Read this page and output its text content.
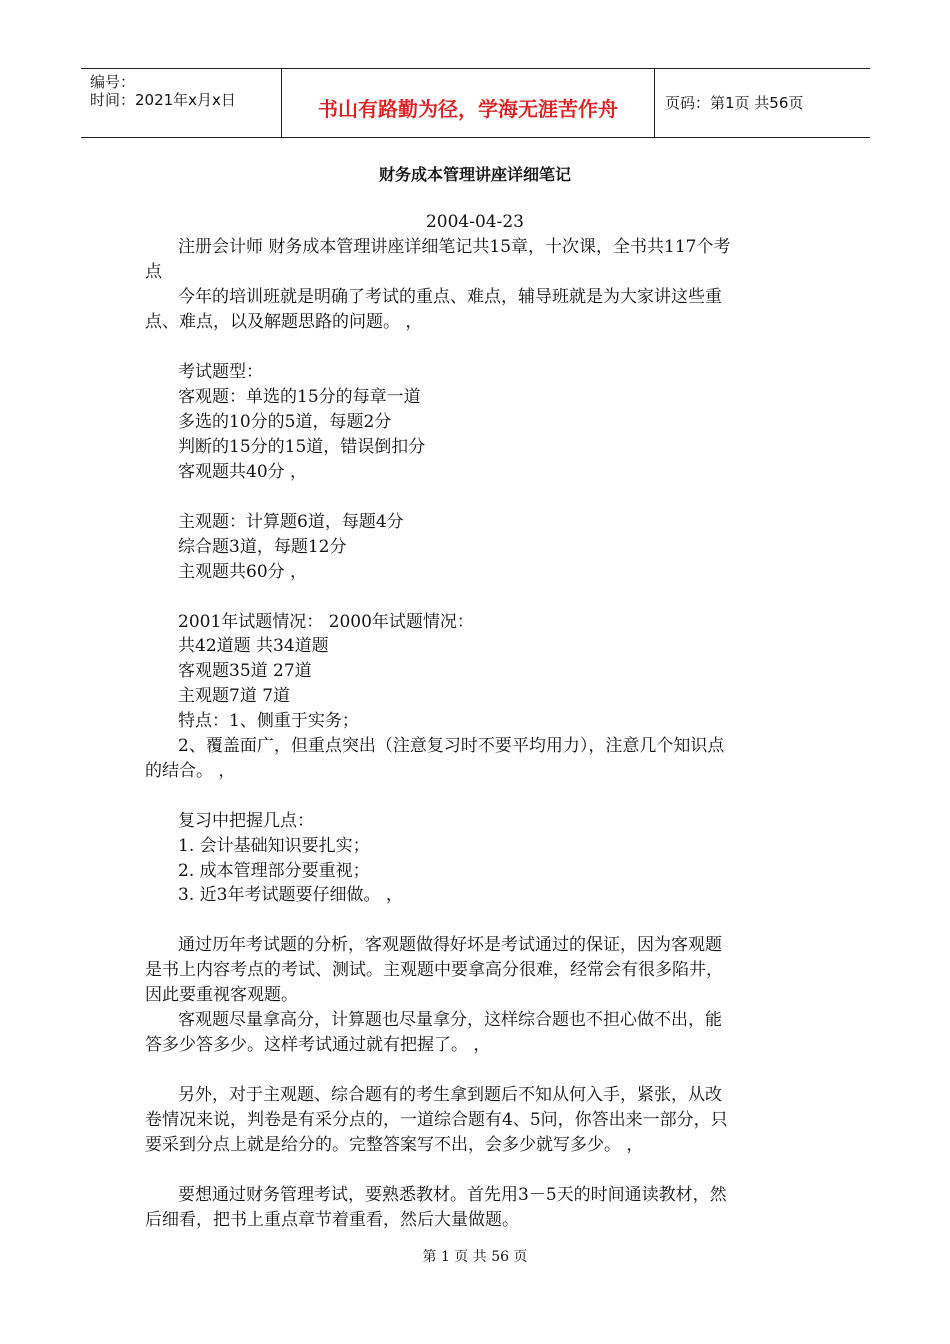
编号：
时间：2021年x月x日	书山有路勤为径，学海无涯苦作舟	页码：第1页 共56页
财务成本管理讲座详细笔记
2004-04-23
注册会计师 财务成本管理讲座详细笔记共15章，十次课，全书共117个考
点
今年的培训班就是明确了考试的重点、难点，辅导班就是为大家讲这些重
点、难点，以及解题思路的问题。 ，
考试题型：
客观题：单选的15分的每章一道
多选的10分的5道，每题2分
判断的15分的15道，错误倒扣分
客观题共40分 ，
主观题：计算题6道，每题4分
综合题3道，每题12分
主观题共60分 ，
2001年试题情况： 2000年试题情况：
共42道题 共34道题
客观题35道 27道
主观题7道 7道
特点：1、侧重于实务；
2、覆盖面广，但重点突出（注意复习时不要平均用力），注意几个知识点
的结合。 ，
复习中把握几点：
1. 会计基础知识要扎实；
2. 成本管理部分要重视；
3. 近3年考试题要仔细做。 ，
通过历年考试题的分析，客观题做得好坏是考试通过的保证，因为客观题
是书上内容考点的考试、测试。主观题中要拿高分很难，经常会有很多陷井，
因此要重视客观题。
客观题尽量拿高分，计算题也尽量拿分，这样综合题也不担心做不出，能
答多少答多少。这样考试通过就有把握了。 ，
另外，对于主观题、综合题有的考生拿到题后不知从何入手，紧张，从改
卷情况来说，判卷是有采分点的，一道综合题有4、5问，你答出来一部分，只
要采到分点上就是给分的。完整答案写不出，会多少就写多少。 ，
要想通过财务管理考试，要熟悉教材。首先用3－5天的时间通读教材，然
后细看，把书上重点章节着重看，然后大量做题。
第 1 页 共 56 页
